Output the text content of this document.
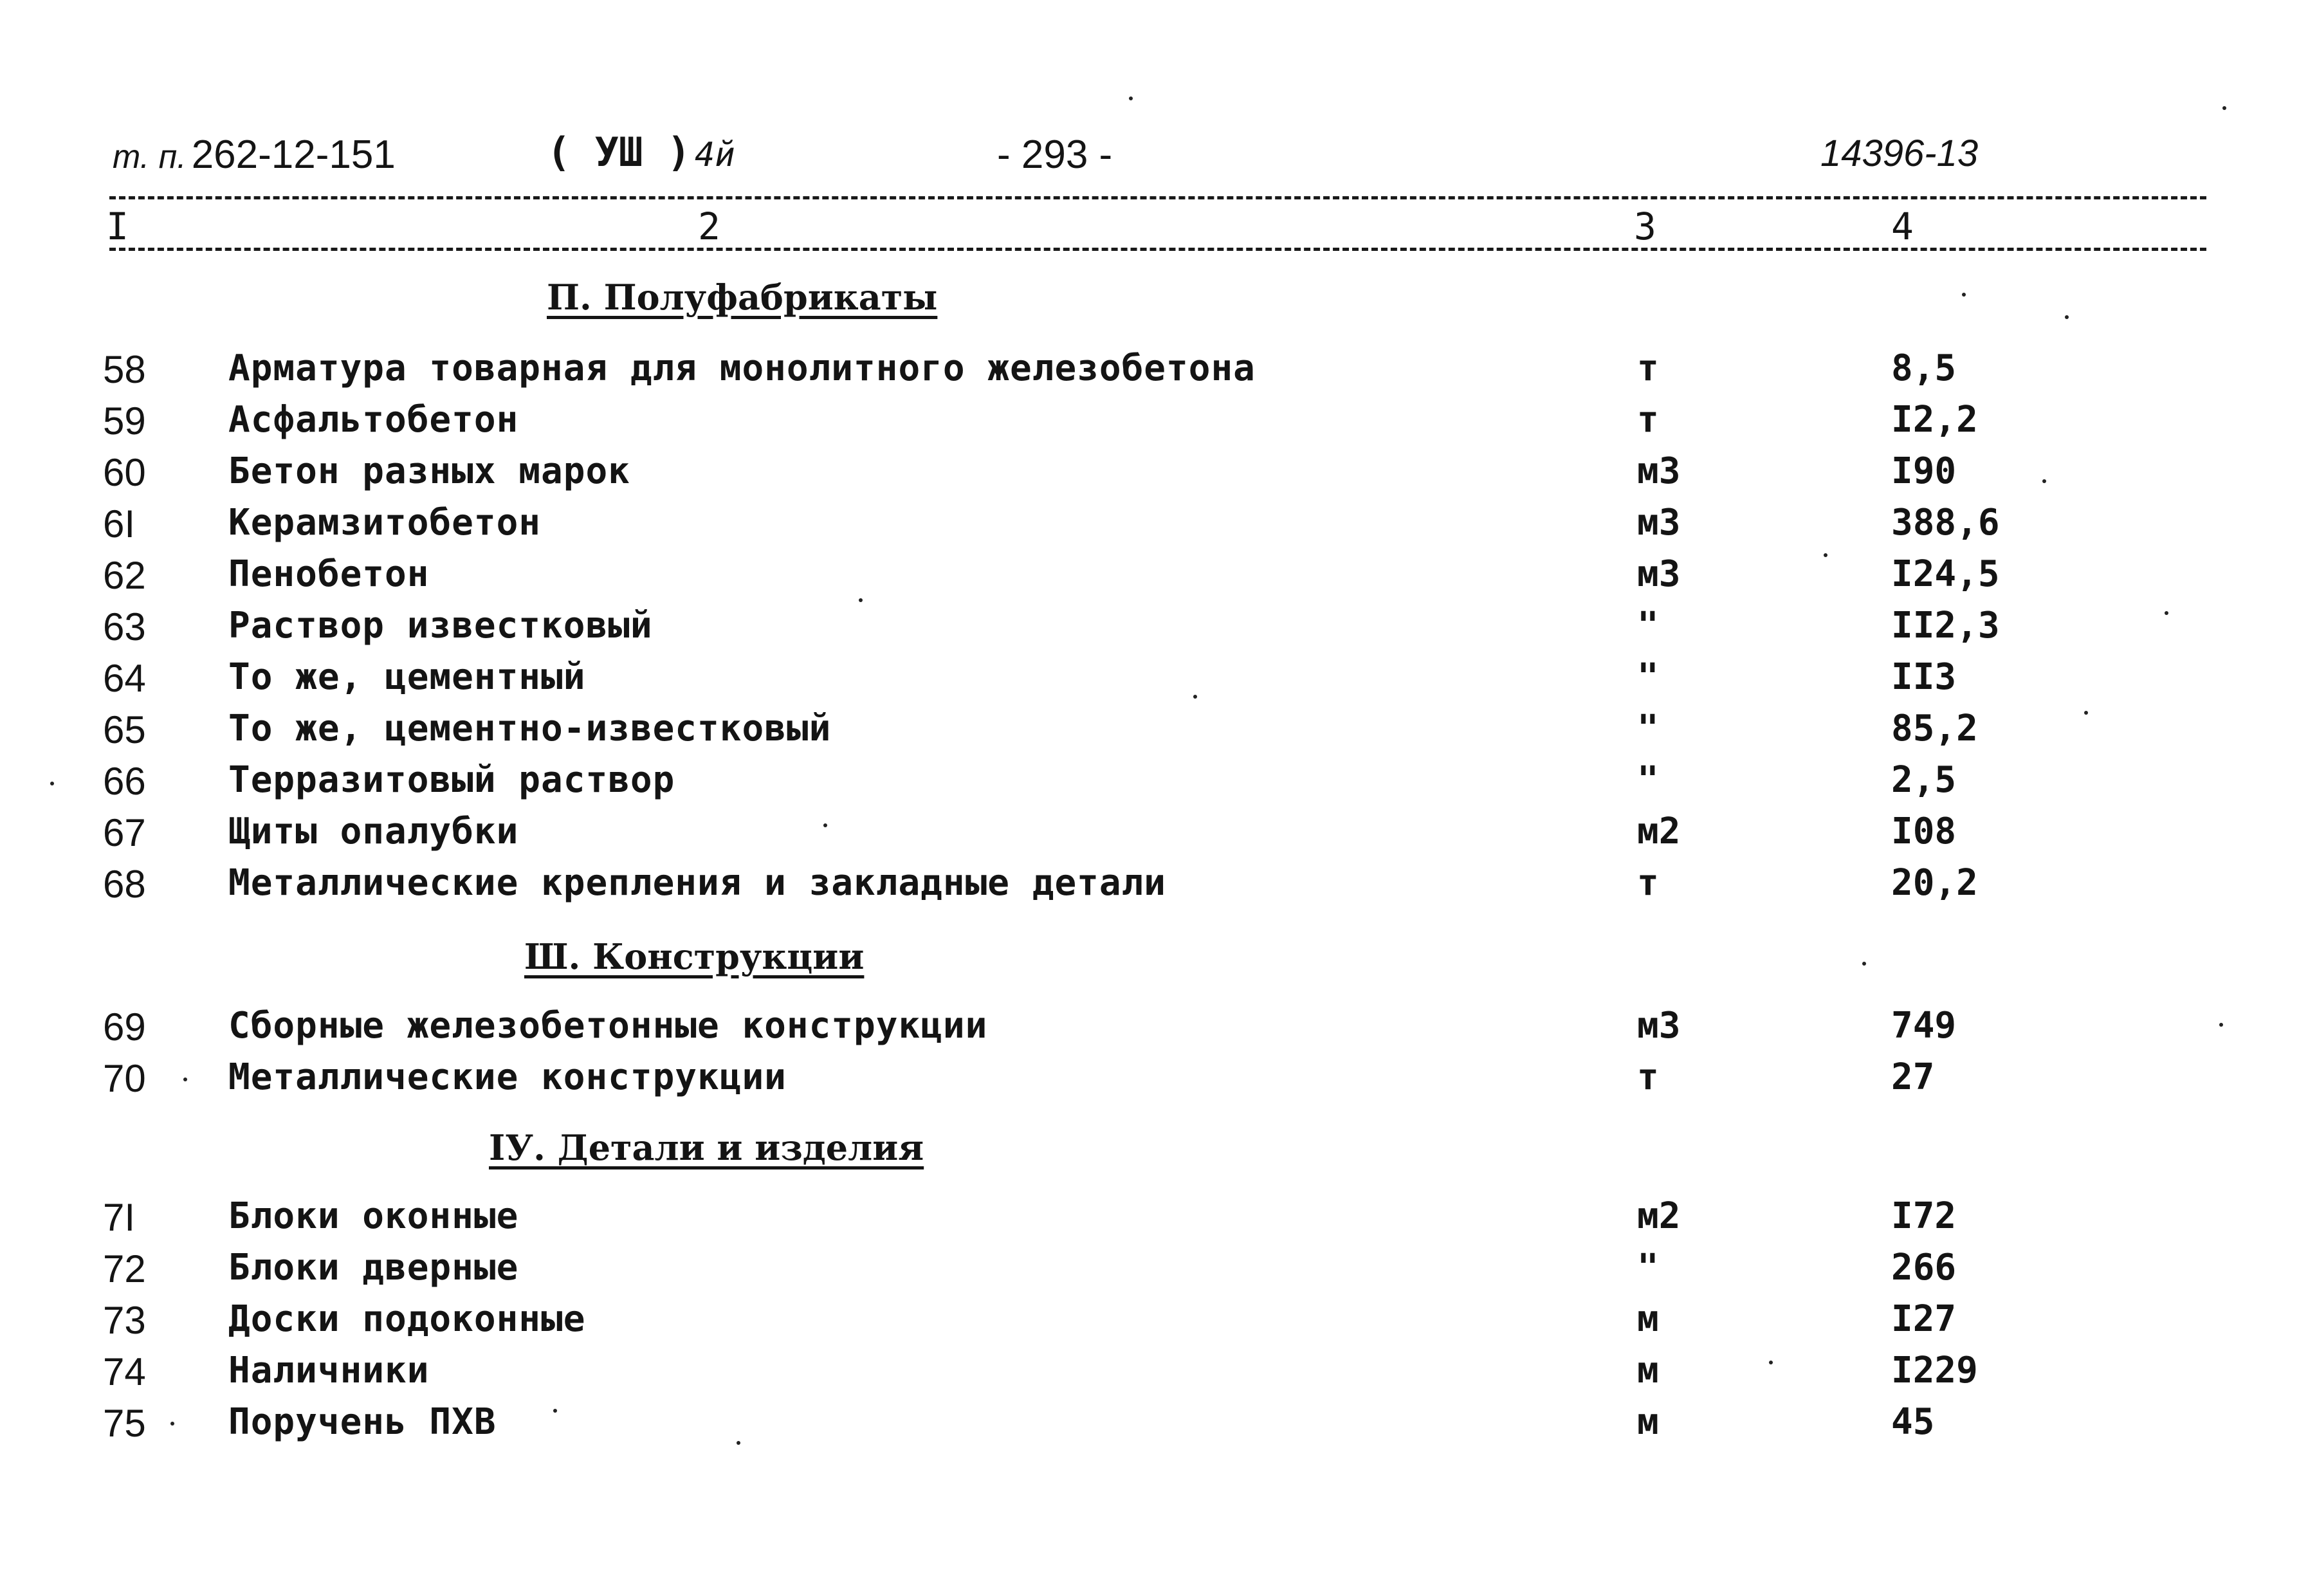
т. п. 262-12-151	( УШ ) 4й	- 293 -	14396-13
I	2	3	4
П. Полуфабрикаты
58 Арматура товарная для монолитного железобетона	т	8,5
59 Асфальтобетон	т	I2,2
60 Бетон разных марок	м3	I90
6I	Керамзитобетон	м3	388,6
62 Пенобетон	м3	I24,5
63 Раствор известковый	"	II2,3
64 То же, цементный	"	II3
65 То же, цементно-известковый	"	85,2
66 Терразитовый раствор	"	2,5
67 Щиты опалубки	м2	I08
68 Металлические крепления и закладные детали	т	20,2
Ш. Конструкции
69 Сборные железобетонные конструкции	м3	749
70 Металлические конструкции	т	27
IУ. Детали и изделия
7I	Блоки оконные	м2	I72
72 Блоки дверные	"	266
73 Доски подоконные	м	I27
74 Наличники	м	I229
75 Поручень ПХВ	м	45
